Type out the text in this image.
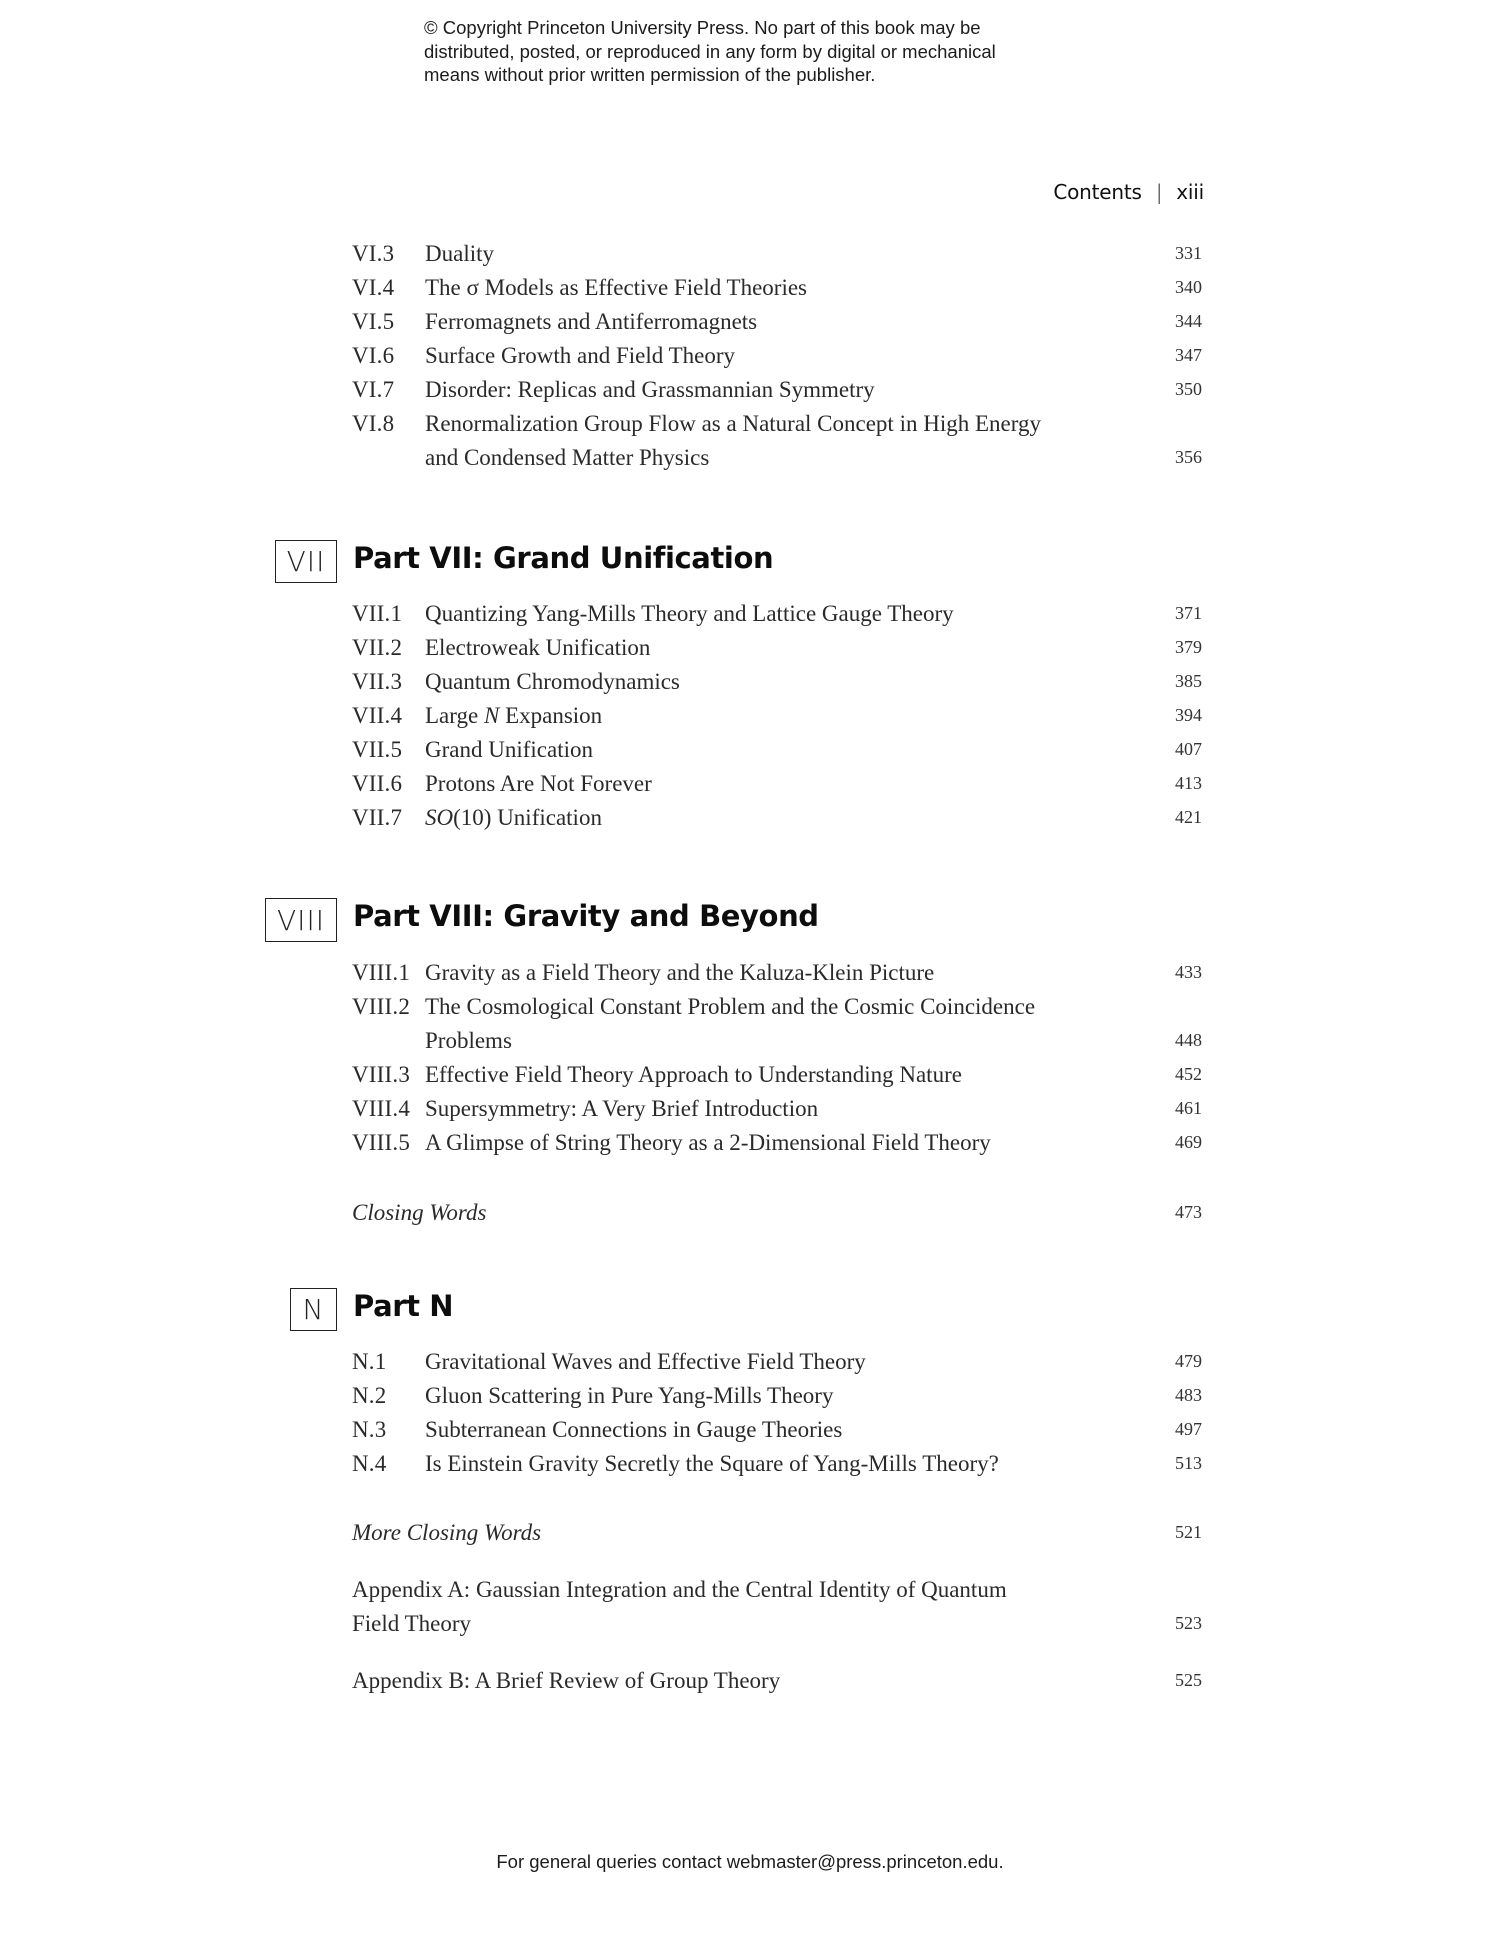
© Copyright Princeton University Press. No part of this book may be
distributed, posted, or reproduced in any form by digital or mechanical
means without prior written permission of the publisher.
Contents | xiii
VI.3 Duality	331
VI.4 The σ Models as Effective Field Theories	340
VI.5 Ferromagnets and Antiferromagnets	344
VI.6 Surface Growth and Field Theory	347
VI.7 Disorder: Replicas and Grassmannian Symmetry	350
VI.8 Renormalization Group Flow as a Natural Concept in High Energy
and Condensed Matter Physics	356
VII Part VII: Grand Unification
VII.1 Quantizing Yang-Mills Theory and Lattice Gauge Theory	371
VII.2 Electroweak Unification	379
VII.3 Quantum Chromodynamics	385
VII.4 Large N Expansion	394
VII.5 Grand Unification	407
VII.6 Protons Are Not Forever	413
VII.7 SO(10) Unification	421
VIII Part VIII: Gravity and Beyond
VIII.1 Gravity as a Field Theory and the Kaluza-Klein Picture	433
VIII.2 The Cosmological Constant Problem and the Cosmic Coincidence
Problems	448
VIII.3 Effective Field Theory Approach to Understanding Nature	452
VIII.4 Supersymmetry: A Very Brief Introduction	461
VIII.5 A Glimpse of String Theory as a 2-Dimensional Field Theory	469
Closing Words	473
N Part N
N.1 Gravitational Waves and Effective Field Theory	479
N.2 Gluon Scattering in Pure Yang-Mills Theory	483
N.3 Subterranean Connections in Gauge Theories	497
N.4 Is Einstein Gravity Secretly the Square of Yang-Mills Theory?	513
More Closing Words	521
Appendix A: Gaussian Integration and the Central Identity of Quantum
Field Theory	523
Appendix B: A Brief Review of Group Theory	525
For general queries contact webmaster@press.princeton.edu.
